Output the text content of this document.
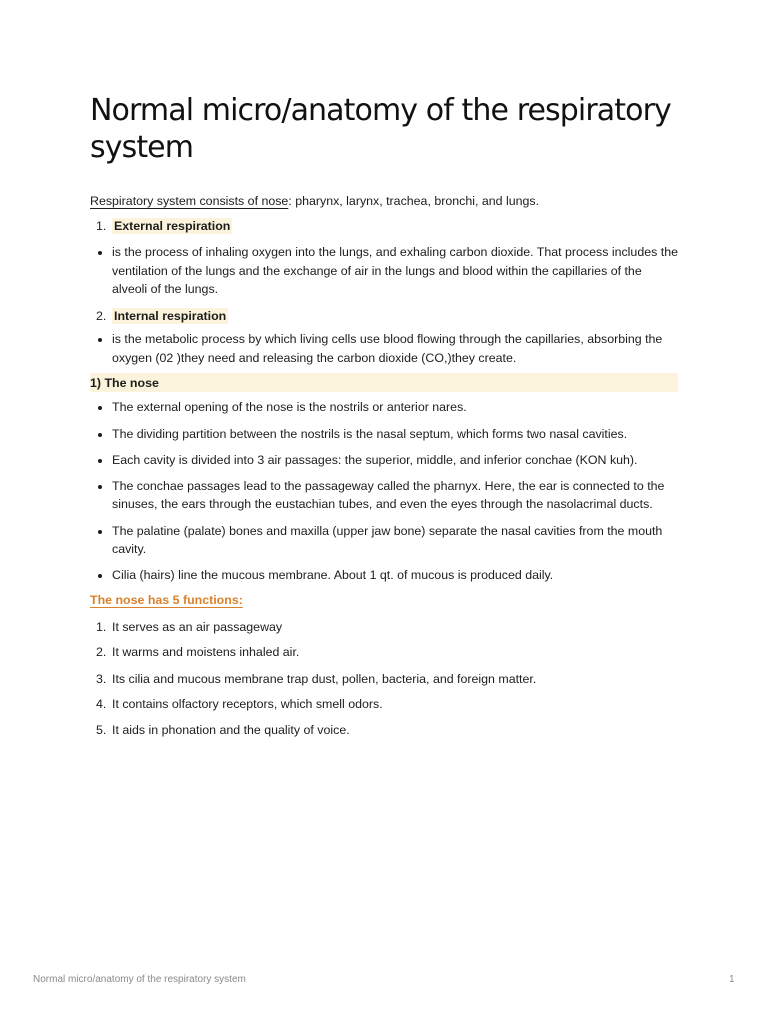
Normal micro/anatomy of the respiratory system

Respiratory system consists of nose: pharynx, larynx, trachea, bronchi, and lungs.

1. External respiration
is the process of inhaling oxygen into the lungs, and exhaling carbon dioxide. That process includes the ventilation of the lungs and the exchange of air in the lungs and blood within the capillaries of the alveoli of the lungs.
2. Internal respiration
is the metabolic process by which living cells use blood flowing through the capillaries, absorbing the oxygen (02 )they need and releasing the carbon dioxide (CO,)they create.
1) The nose
The external opening of the nose is the nostrils or anterior nares.
The dividing partition between the nostrils is the nasal septum, which forms two nasal cavities.
Each cavity is divided into 3 air passages: the superior, middle, and inferior conchae (KON kuh).
The conchae passages lead to the passageway called the pharnyx. Here, the ear is connected to the sinuses, the ears through the eustachian tubes, and even the eyes through the nasolacrimal ducts.
The palatine (palate) bones and maxilla (upper jaw bone) separate the nasal cavities from the mouth cavity.
Cilia (hairs) line the mucous membrane. About 1 qt. of mucous is produced daily.
The nose has 5 functions:
1. It serves as an air passageway
2. It warms and moistens inhaled air.
3. Its cilia and mucous membrane trap dust, pollen, bacteria, and foreign matter.
4. It contains olfactory receptors, which smell odors.
5. It aids in phonation and the quality of voice.
Normal micro/anatomy of the respiratory system	1
